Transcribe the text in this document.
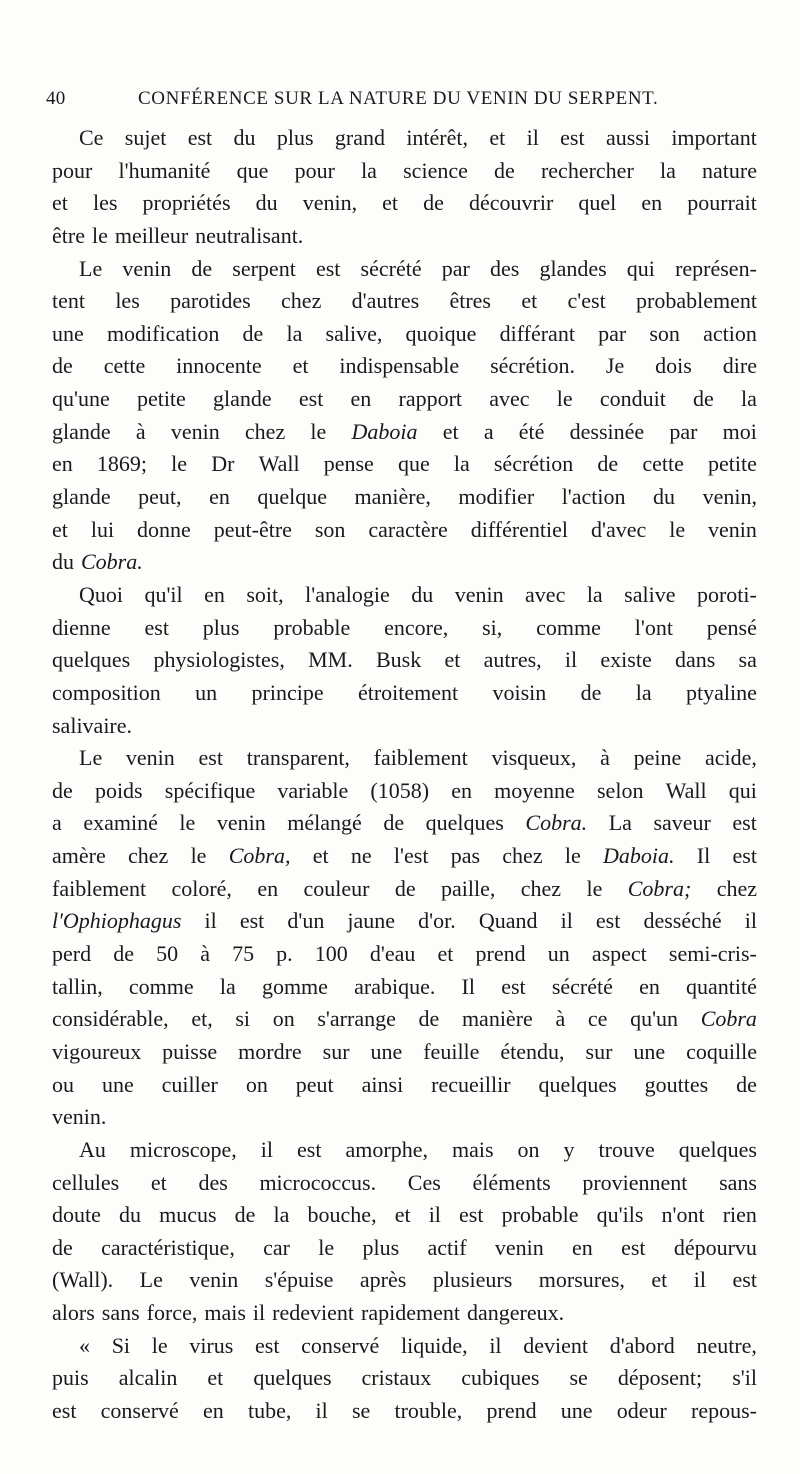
40	CONFÉRENCE SUR LA NATURE DU VENIN DU SERPENT.
Ce sujet est du plus grand intérêt, et il est aussi important
pour l'humanité que pour la science de rechercher la nature
et les propriétés du venin, et de découvrir quel en pourrait
être le meilleur neutralisant.
Le venin de serpent est sécrété par des glandes qui représen-
tent les parotides chez d'autres êtres et c'est probablement
une modification de la salive, quoique différant par son action
de cette innocente et indispensable sécrétion. Je dois dire
qu'une petite glande est en rapport avec le conduit de la
glande à venin chez le Daboia et a été dessinée par moi
en 1869; le Dr Wall pense que la sécrétion de cette petite
glande peut, en quelque manière, modifier l'action du venin,
et lui donne peut-être son caractère différentiel d'avec le venin
du Cobra.
Quoi qu'il en soit, l'analogie du venin avec la salive poroti-
dienne est plus probable encore, si, comme l'ont pensé
quelques physiologistes, MM. Busk et autres, il existe dans sa
composition un principe étroitement voisin de la ptyaline
salivaire.
Le venin est transparent, faiblement visqueux, à peine acide,
de poids spécifique variable (1058) en moyenne selon Wall qui
a examiné le venin mélangé de quelques Cobra. La saveur est
amère chez le Cobra, et ne l'est pas chez le Daboia. Il est
faiblement coloré, en couleur de paille, chez le Cobra; chez
l'Ophiophagus il est d'un jaune d'or. Quand il est desséché il
perd de 50 à 75 p. 100 d'eau et prend un aspect semi-cris-
tallin, comme la gomme arabique. Il est sécrété en quantité
considérable, et, si on s'arrange de manière à ce qu'un Cobra
vigoureux puisse mordre sur une feuille étendu, sur une coquille
ou une cuiller on peut ainsi recueillir quelques gouttes de
venin.
Au microscope, il est amorphe, mais on y trouve quelques
cellules et des micrococcus. Ces éléments proviennent sans
doute du mucus de la bouche, et il est probable qu'ils n'ont rien
de caractéristique, car le plus actif venin en est dépourvu
(Wall). Le venin s'épuise après plusieurs morsures, et il est
alors sans force, mais il redevient rapidement dangereux.
« Si le virus est conservé liquide, il devient d'abord neutre,
puis alcalin et quelques cristaux cubiques se déposent; s'il
est conservé en tube, il se trouble, prend une odeur repous-
